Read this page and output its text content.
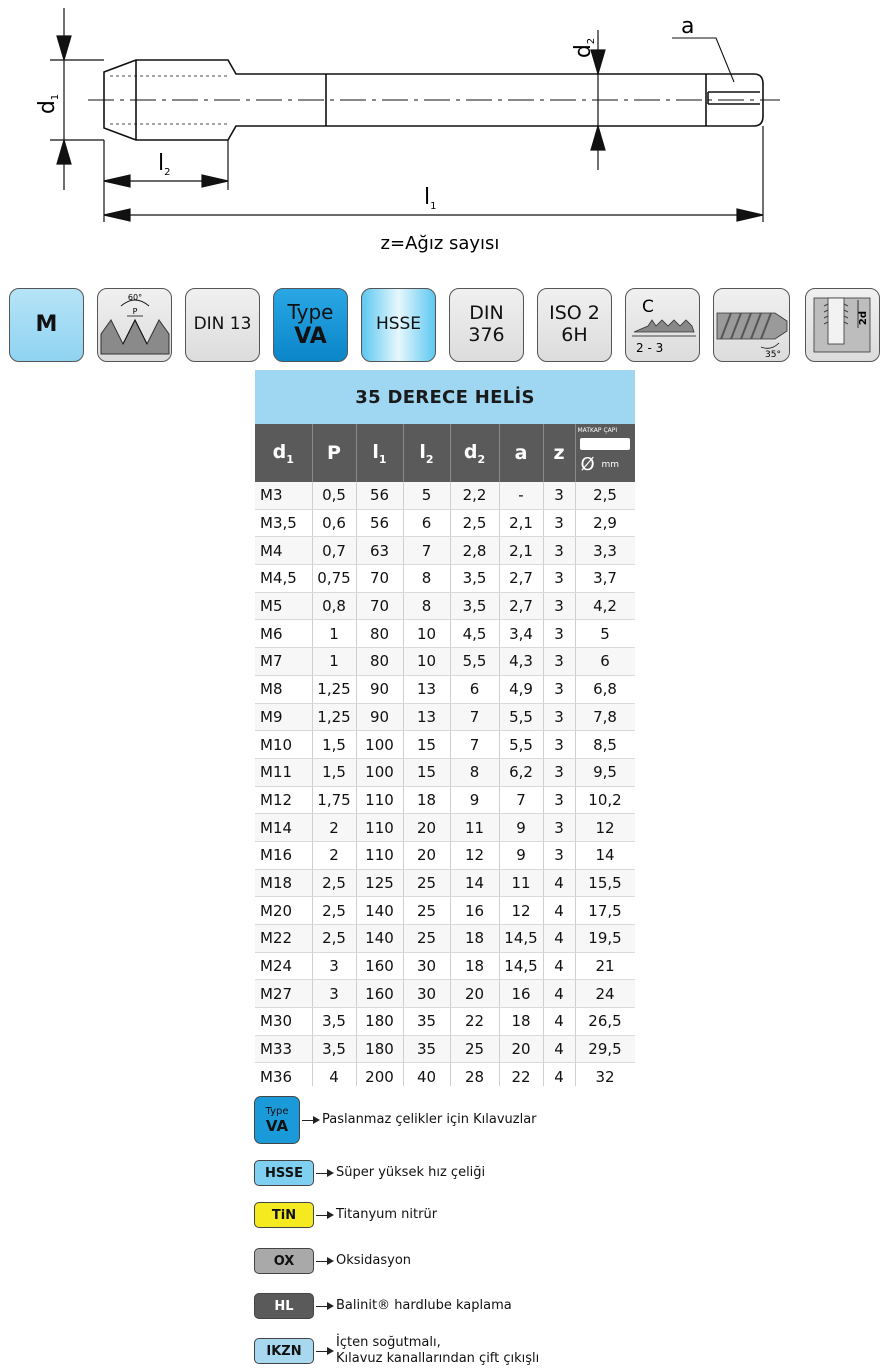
d1
d2
a
$l_2$
$l_1$
z=Ağız sayısı
M
60°
P
DIN 13
Type
VA	HSSE
DIN
376
ISO 2
6H
C
2 - 3	35°
2d
35 DERECE HELİS
$d_1$	P	$l_1$	$l_2$	$d_2$	a	z	MATKAP ÇAPI
Ø mm

M3	0,5	56	5	2,2	-	3	2,5
M3,5	0,6	56	6	2,5	2,1	3	2,9
M4	0,7	63	7	2,8	2,1	3	3,3
M4,5	0,75	70	8	3,5	2,7	3	3,7
M5	0,8	70	8	3,5	2,7	3	4,2
M6	1	80	10	4,5	3,4	3	5
M7	1	80	10	5,5	4,3	3	6
M8	1,25	90	13	6	4,9	3	6,8
M9	1,25	90	13	7	5,5	3	7,8
M10	1,5	100	15	7	5,5	3	8,5
M11	1,5	100	15	8	6,2	3	9,5
M12	1,75	110	18	9	7	3	10,2
M14	2	110	20	11	9	3	12
M16	2	110	20	12	9	3	14
M18	2,5	125	25	14	11	4	15,5
M20	2,5	140	25	16	12	4	17,5
M22	2,5	140	25	18	14,5	4	19,5
M24	3	160	30	18	14,5	4	21
M27	3	160	30	20	16	4	24
M30	3,5	180	35	22	18	4	26,5
M33	3,5	180	35	25	20	4	29,5
M36	4	200	40	28	22	4	32
Type
VA	Paslanmaz çelikler için Kılavuzlar
HSSE	Süper yüksek hız çeliği
TiN	Titanyum nitrür
OX	Oksidasyon
HL	Balinit® hardlube kaplama
IKZN
İçten soğutmalı,
Kılavuz kanallarından çift çıkışlı
